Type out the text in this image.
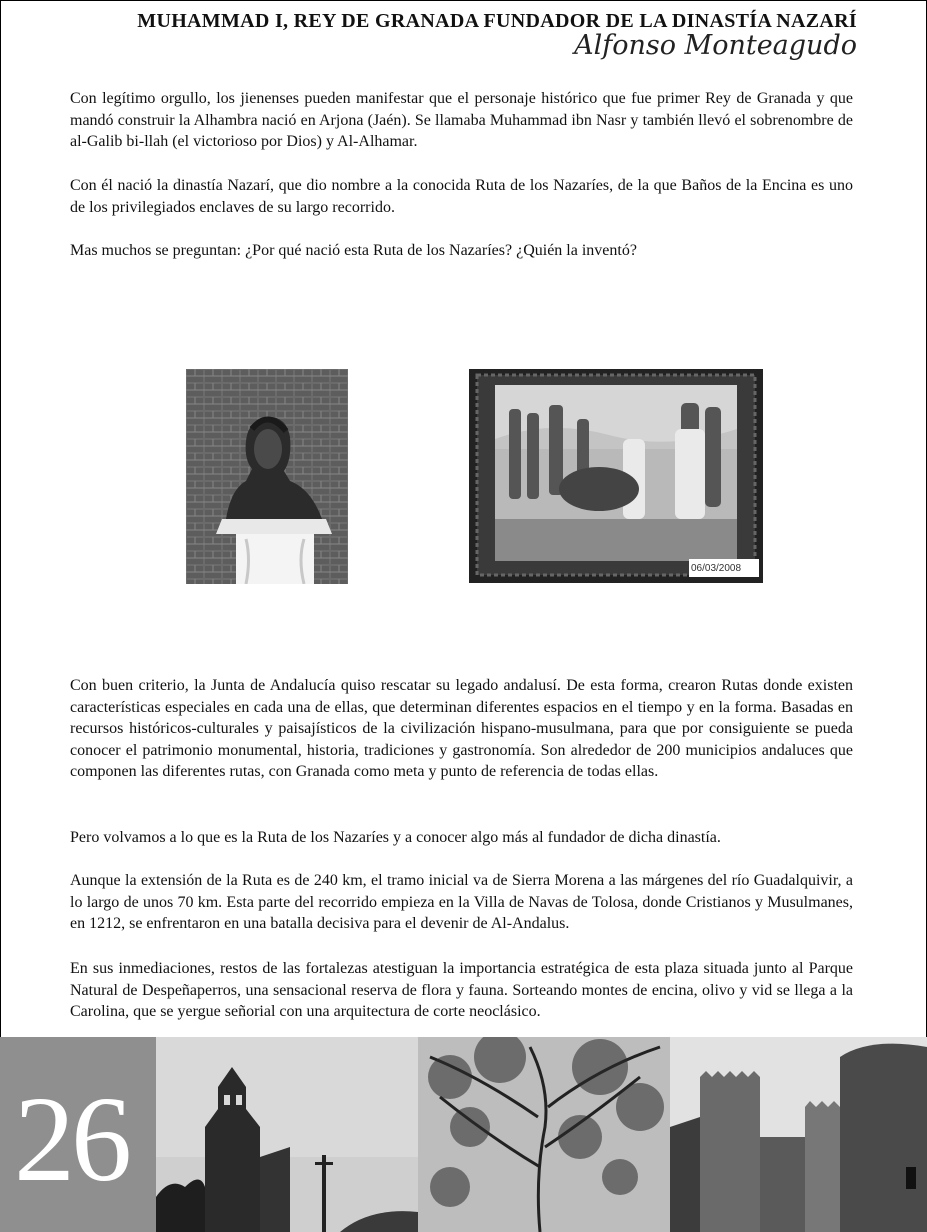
MUHAMMAD I, REY DE GRANADA FUNDADOR DE LA DINASTÍA NAZARÍ
Alfonso Monteagudo

Con legítimo orgullo, los jienenses pueden manifestar que el personaje histórico que fue primer Rey de Granada y que mandó construir la Alhambra nació en Arjona (Jaén). Se llamaba Muhammad ibn Nasr y también llevó el sobrenombre de al-Galib bi-llah (el victorioso por Dios) y Al-Alhamar.

Con él nació la dinastía Nazarí, que dio nombre a la conocida Ruta de los Nazaríes, de la que Baños de la Encina es uno de los privilegiados enclaves de su largo recorrido.

Mas muchos se preguntan: ¿Por qué nació esta Ruta de los Nazaríes? ¿Quién la inventó?

06/03/2008

Con buen criterio, la Junta de Andalucía quiso rescatar su legado andalusí. De esta forma, crearon Rutas donde existen características especiales en cada una de ellas, que determinan diferentes espacios en el tiempo y en la forma. Basadas en recursos históricos-culturales y paisajísticos de la civilización hispano-musulmana, para que por consiguiente se pueda conocer el patrimonio monumental, historia, tradiciones y gastronomía. Son alrededor de 200 municipios andaluces que componen las diferentes rutas, con Granada como meta y punto de referencia de todas ellas.

Pero volvamos a lo que es la Ruta de los Nazaríes y a conocer algo más al fundador de dicha dinastía.

Aunque la extensión de la Ruta es de 240 km, el tramo inicial va de Sierra Morena a las márgenes del río Guadalquivir, a lo largo de unos 70 km. Esta parte del recorrido empieza en la Villa de Navas de Tolosa, donde Cristianos y Musulmanes, en 1212, se enfrentaron en una batalla decisiva para el devenir de Al-Andalus.

En sus inmediaciones, restos de las fortalezas atestiguan la importancia estratégica de esta plaza situada junto al Parque Natural de Despeñaperros, una sensacional reserva de flora y fauna. Sorteando montes de encina, olivo y vid se llega a la Carolina, que se yergue señorial con una arquitectura de corte neoclásico.

26
